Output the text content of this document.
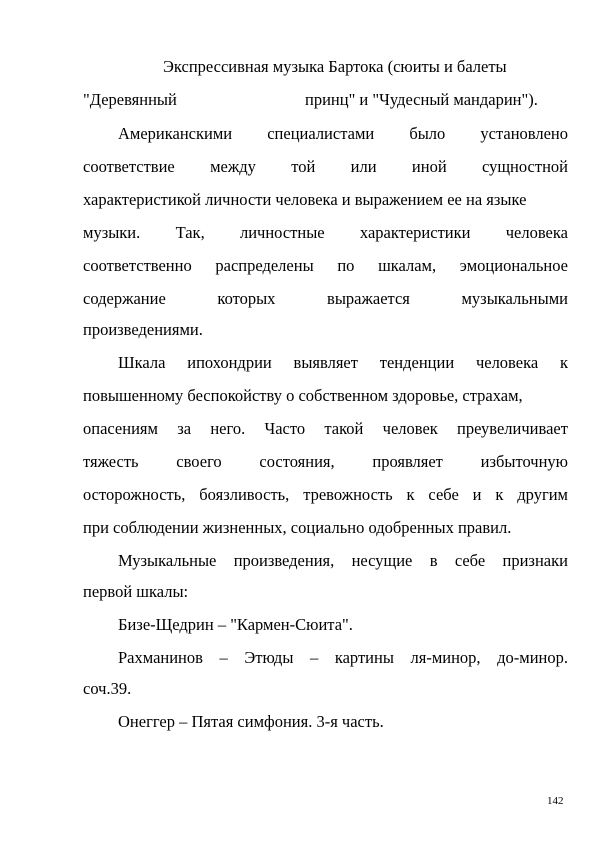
Экспрессивная музыка Бартока (сюиты и балеты
"Деревянный	принц" и "Чудесный мандарин").
Американскими специалистами было установлено
соответствие между той или иной сущностной
характеристикой личности человека и выражением ее на языке
музыки. Так, личностные характеристики человека
соответственно распределены по шкалам, эмоциональное
содержание	которых	выражается	музыкальными
произведениями.
Шкала ипохондрии выявляет тенденции человека к
повышенному беспокойству о собственном здоровье, страхам,
опасениям за него. Часто такой человек преувеличивает
тяжесть своего состояния, проявляет избыточную
осторожность, боязливость, тревожность к себе и к другим
при соблюдении жизненных, социально одобренных правил.
Музыкальные произведения, несущие в себе признаки
первой шкалы:
Бизе-Щедрин – "Кармен-Сюита".
Рахманинов – Этюды – картины ля-минор, до-минор.
соч.39.
Онеггер – Пятая симфония. 3-я часть.
142
